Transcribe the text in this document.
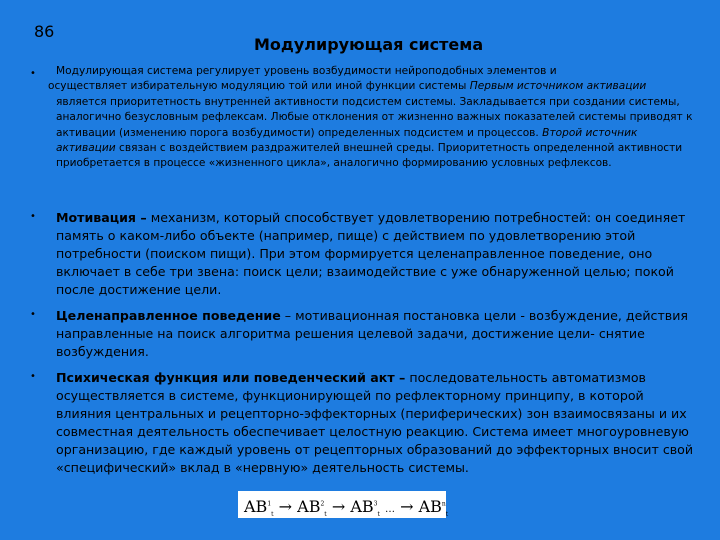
86
Модулирующая система
• Модулирующая система регулирует уровень возбудимости нейроподобных элементов и
осуществляет избирательную модуляцию той или иной функции системы Первым источником активации
является приоритетность внутренней активности подсистем системы. Закладывается при создании системы, аналогично безусловным рефлексам. Любые отклонения от жизненно важных показателей системы приводят к активации (изменению порога возбудимости) определенных подсистем и процессов. Второй источник активации связан с воздействием раздражителей внешней среды. Приоритетность определенной активности приобретается в процессе «жизненного цикла», аналогично формированию условных рефлексов.
• Мотивация – механизм, который способствует удовлетворению потребностей: он соединяет память о каком-либо объекте (например, пище) с действием по удовлетворению этой потребности (поиском пищи). При этом формируется целенаправленное поведение, оно включает в себе три звена: поиск цели; взаимодействие с уже обнаруженной целью; покой после достижение цели.
• Целенаправленное поведение – мотивационная постановка цели - возбуждение, действия направленные на поиск алгоритма решения целевой задачи, достижение цели- снятие возбуждения.
• Психическая функция или поведенческий акт – последовательность автоматизмов осуществляется в системе, функционирующей по рефлекторному принципу, в которой влияния центральных и рецепторно-эффекторных (периферических) зон взаимосвязаны и их совместная деятельность обеспечивает целостную реакцию. Система имеет многоуровневую организацию, где каждый уровень от рецепторных образований до эффекторных вносит свой «специфический» вклад в «нервную» деятельность системы.
$AB^1_t \to AB^2_t \to AB^3_t$ … → $AB^n_t$
